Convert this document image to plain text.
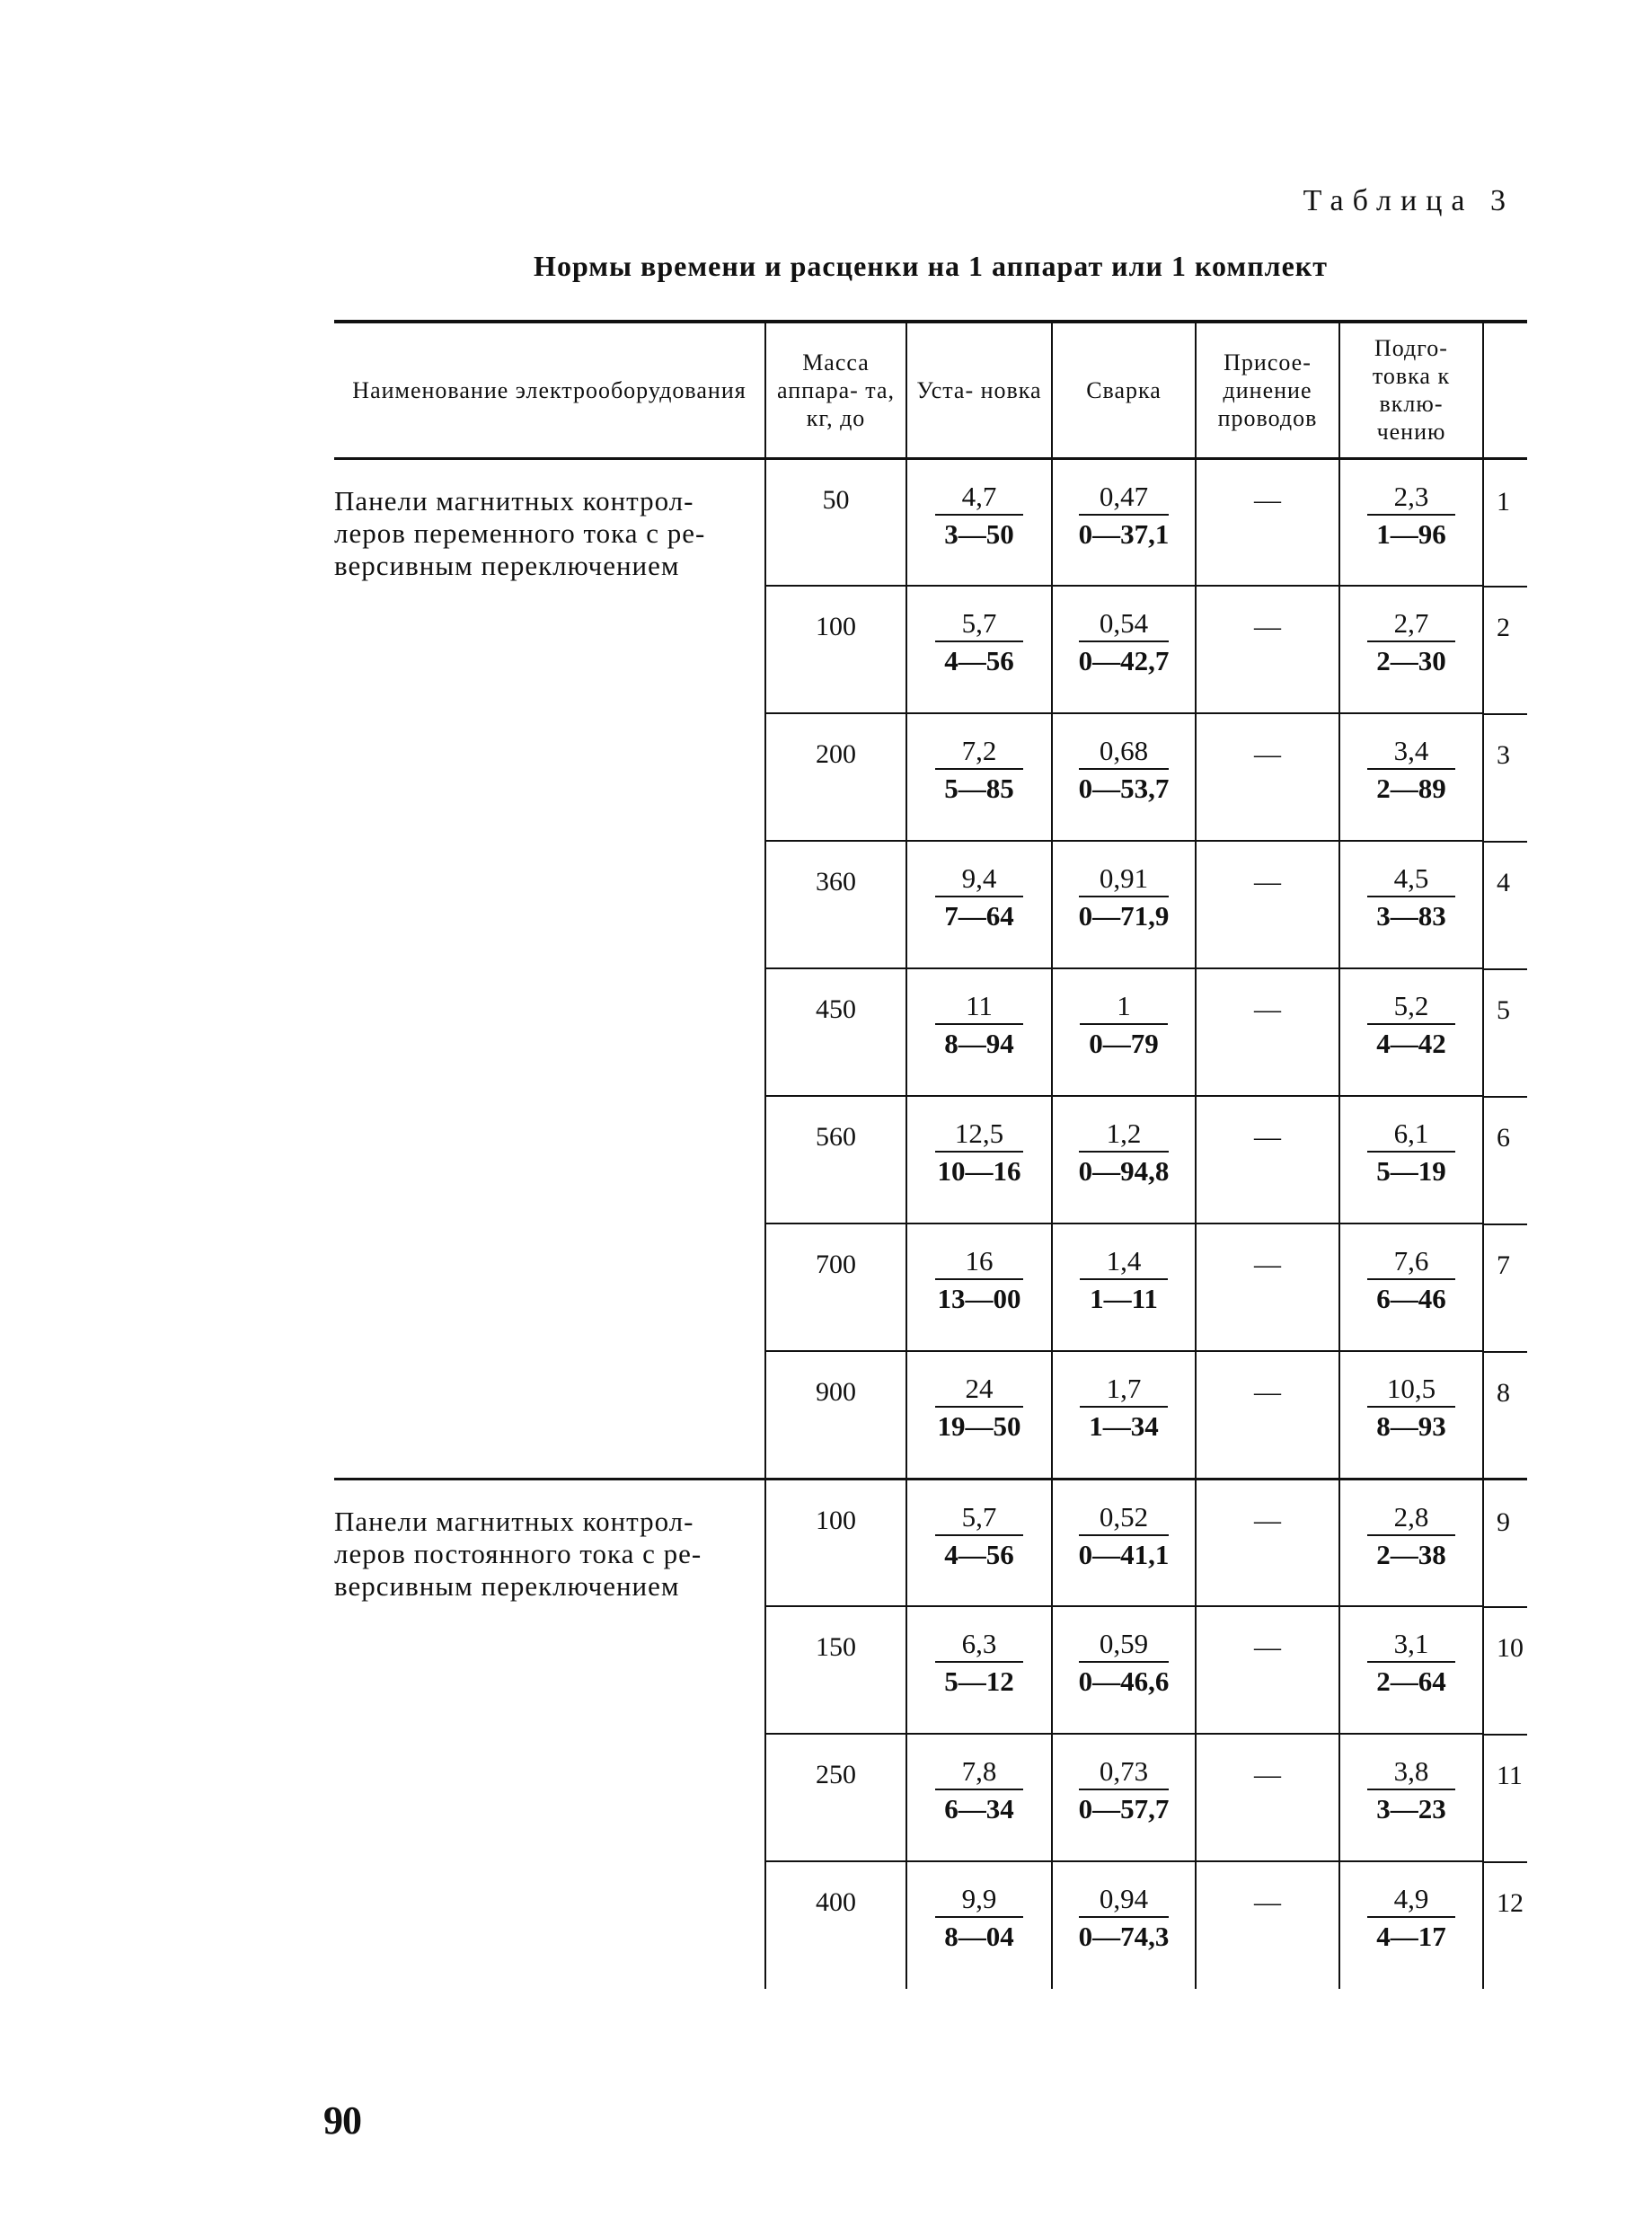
Таблица 3
Нормы времени и расценки на 1 аппарат или 1 комплект
Наименование электрооборудования	Масса аппара- та, кг, до	Уста- новка	Сварка	Присое- динение проводов	Подго- товка к вклю- чению	
Панели магнитных контрол- леров переменного тока с ре- версивным переключением	50	$\frac{4,7}{3—50}$	$\frac{0,47}{0—37,1}$	—	$\frac{2,3}{1—96}$	1

	100	$\frac{5,7}{4—56}$	$\frac{0,54}{0—42,7}$	—	$\frac{2,7}{2—30}$	2

	200	$\frac{7,2}{5—85}$	$\frac{0,68}{0—53,7}$	—	$\frac{3,4}{2—89}$	3

	360	$\frac{9,4}{7—64}$	$\frac{0,91}{0—71,9}$	—	$\frac{4,5}{3—83}$	4

	450	$\frac{11}{8—94}$	$\frac{1}{0—79}$	—	$\frac{5,2}{4—42}$	5

	560	$\frac{12,5}{10—16}$	$\frac{1,2}{0—94,8}$	—	$\frac{6,1}{5—19}$	6

	700	$\frac{16}{13—00}$	$\frac{1,4}{1—11}$	—	$\frac{7,6}{6—46}$	7

	900	$\frac{24}{19—50}$	$\frac{1,7}{1—34}$	—	$\frac{10,5}{8—93}$	8
Панели магнитных контрол- леров постоянного тока с ре- версивным переключением	100	$\frac{5,7}{4—56}$	$\frac{0,52}{0—41,1}$	—	$\frac{2,8}{2—38}$	9

	150	$\frac{6,3}{5—12}$	$\frac{0,59}{0—46,6}$	—	$\frac{3,1}{2—64}$	10

	250	$\frac{7,8}{6—34}$	$\frac{0,73}{0—57,7}$	—	$\frac{3,8}{3—23}$	11

	400	$\frac{9,9}{8—04}$	$\frac{0,94}{0—74,3}$	—	$\frac{4,9}{4—17}$	12
90
